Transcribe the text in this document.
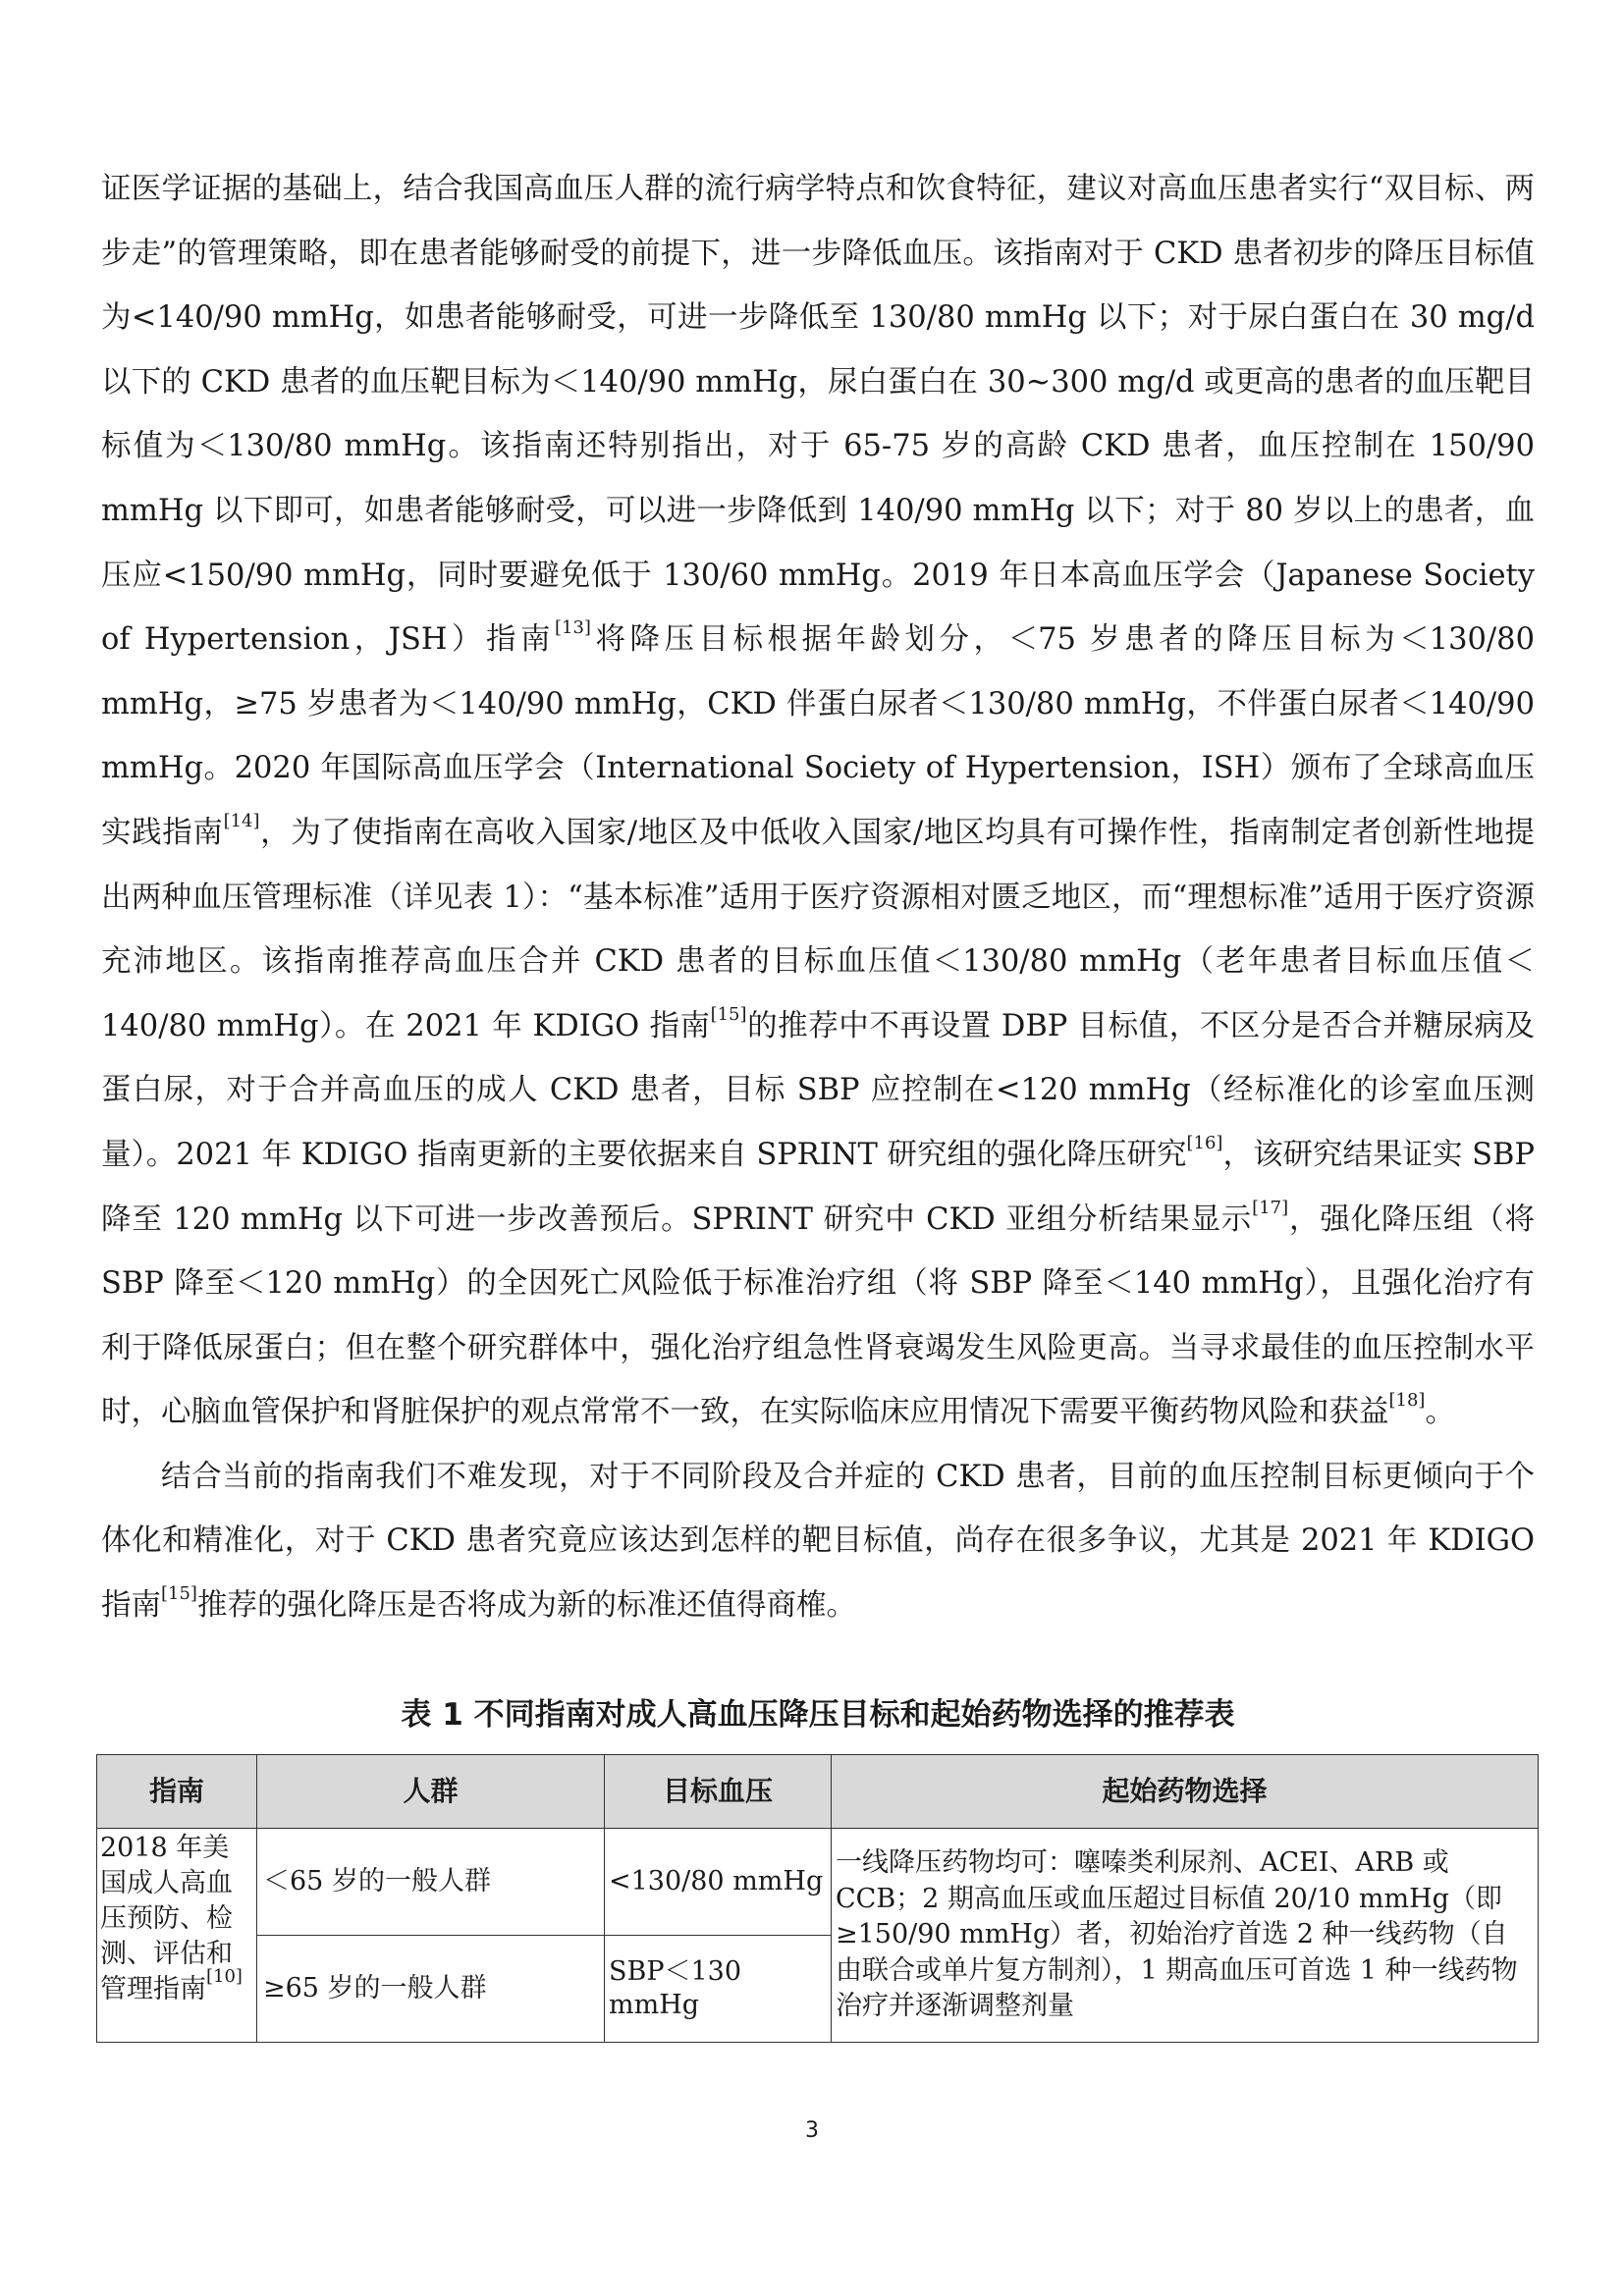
证医学证据的基础上，结合我国高血压人群的流行病学特点和饮食特征，建议对高血压患者实行“双目标、两步走”的管理策略，即在患者能够耐受的前提下，进一步降低血压。该指南对于 CKD 患者初步的降压目标值为<140/90 mmHg，如患者能够耐受，可进一步降低至 130/80 mmHg 以下；对于尿白蛋白在 30 mg/d 以下的 CKD 患者的血压靶目标为＜140/90 mmHg，尿白蛋白在 30~300 mg/d 或更高的患者的血压靶目标值为＜130/80 mmHg。该指南还特别指出，对于 65-75 岁的高龄 CKD 患者，血压控制在 150/90 mmHg 以下即可，如患者能够耐受，可以进一步降低到 140/90 mmHg 以下；对于 80 岁以上的患者，血压应<150/90 mmHg，同时要避免低于 130/60 mmHg。2019 年日本高血压学会（Japanese Society of Hypertension，JSH）指南[13]将降压目标根据年龄划分，＜75 岁患者的降压目标为＜130/80 mmHg，≥75 岁患者为＜140/90 mmHg，CKD 伴蛋白尿者＜130/80 mmHg，不伴蛋白尿者＜140/90 mmHg。2020 年国际高血压学会（International Society of Hypertension，ISH）颁布了全球高血压实践指南[14]，为了使指南在高收入国家/地区及中低收入国家/地区均具有可操作性，指南制定者创新性地提出两种血压管理标准（详见表 1）：“基本标准”适用于医疗资源相对匮乏地区，而“理想标准”适用于医疗资源充沛地区。该指南推荐高血压合并 CKD 患者的目标血压值＜130/80 mmHg（老年患者目标血压值＜140/80 mmHg）。在 2021 年 KDIGO 指南[15]的推荐中不再设置 DBP 目标值，不区分是否合并糖尿病及蛋白尿，对于合并高血压的成人 CKD 患者，目标 SBP 应控制在<120 mmHg（经标准化的诊室血压测量）。2021 年 KDIGO 指南更新的主要依据来自 SPRINT 研究组的强化降压研究[16]，该研究结果证实 SBP 降至 120 mmHg 以下可进一步改善预后。SPRINT 研究中 CKD 亚组分析结果显示[17]，强化降压组（将 SBP 降至＜120 mmHg）的全因死亡风险低于标准治疗组（将 SBP 降至＜140 mmHg），且强化治疗有利于降低尿蛋白；但在整个研究群体中，强化治疗组急性肾衰竭发生风险更高。当寻求最佳的血压控制水平时，心脑血管保护和肾脏保护的观点常常不一致，在实际临床应用情况下需要平衡药物风险和获益[18]。

结合当前的指南我们不难发现，对于不同阶段及合并症的 CKD 患者，目前的血压控制目标更倾向于个体化和精准化，对于 CKD 患者究竟应该达到怎样的靶目标值，尚存在很多争议，尤其是 2021 年 KDIGO 指南[15]推荐的强化降压是否将成为新的标准还值得商榷。

表 1 不同指南对成人高血压降压目标和起始药物选择的推荐表
指南	人群	目标血压	起始药物选择
2018 年美国成人高血压预防、检测、评估和管理指南[10]	＜65 岁的一般人群	<130/80 mmHg	一线降压药物均可：噻嗪类利尿剂、ACEI、ARB 或 CCB；2 期高血压或血压超过目标值 20/10 mmHg（即≥150/90 mmHg）者，初始治疗首选 2 种一线药物（自由联合或单片复方制剂），1 期高血压可首选 1 种一线药物治疗并逐渐调整剂量
	≥65 岁的一般人群	SBP＜130 mmHg	
3
